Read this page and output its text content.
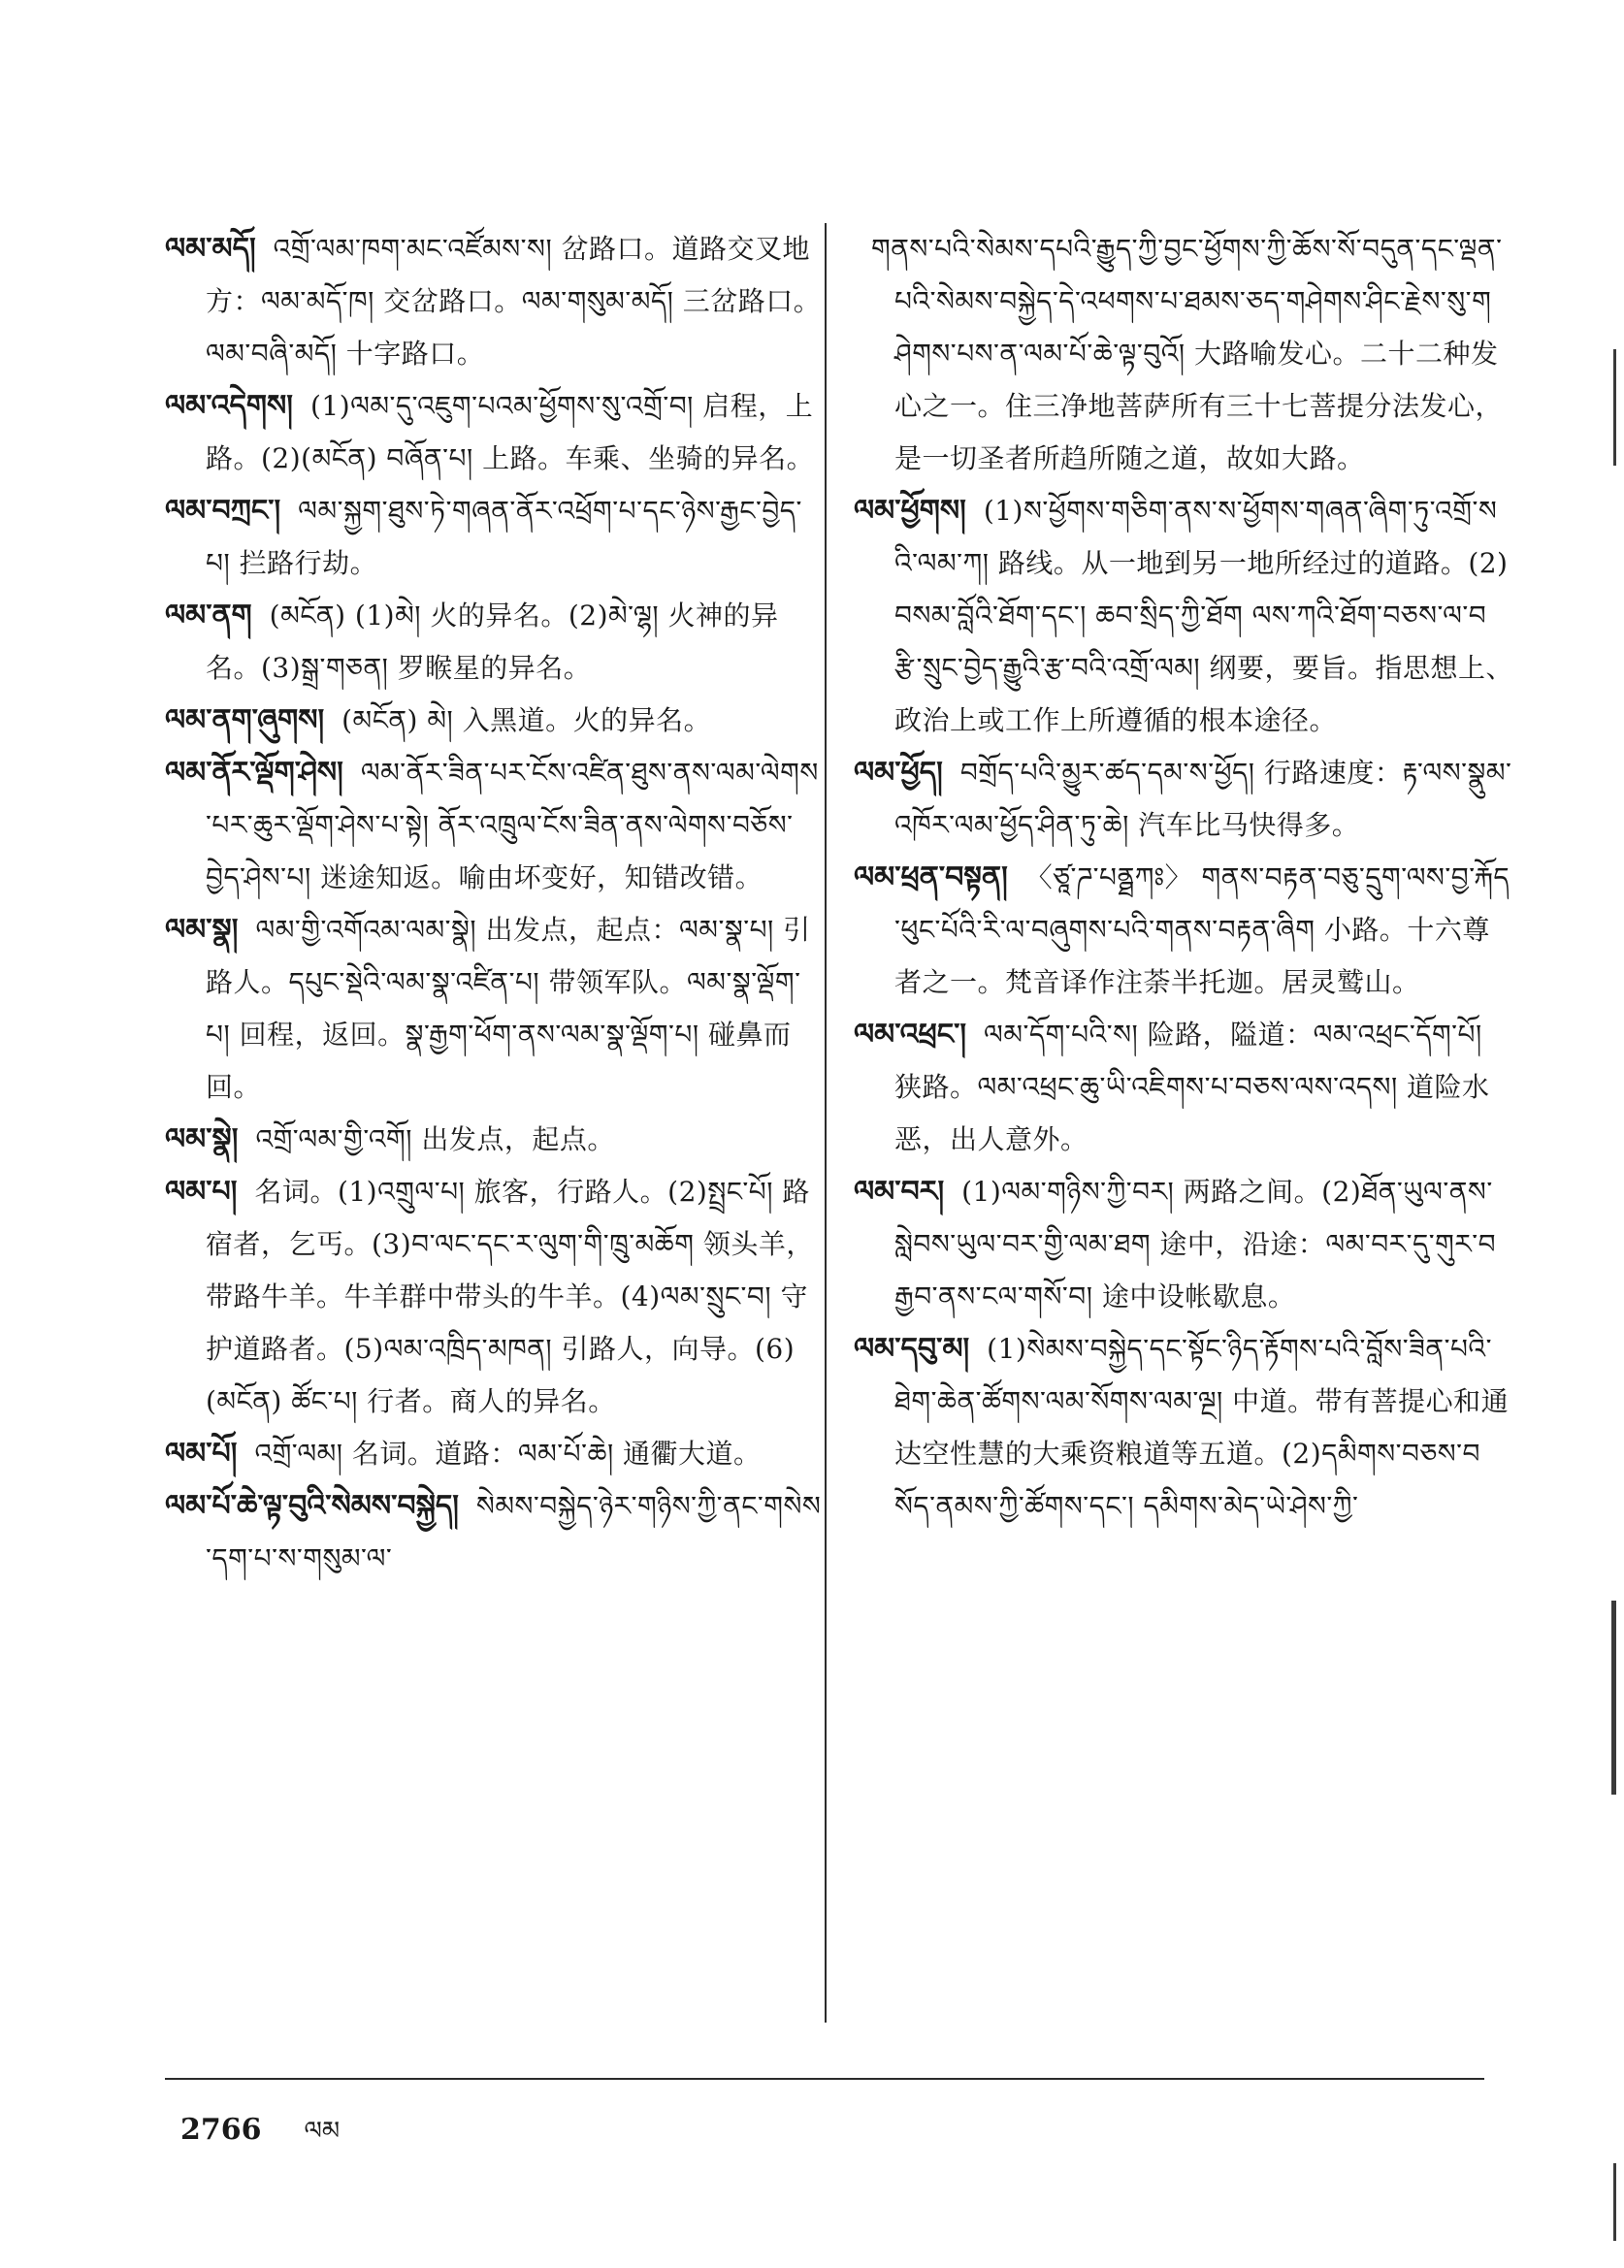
ལམ་མདོ། འགྲོ་ལམ་ཁག་མང་འཛོམས་ས། 岔路口。道路交叉地方：ལམ་མདོ་ཁ། 交岔路口。ལམ་གསུམ་མདོ། 三岔路口。ལམ་བཞི་མདོ། 十字路口。

ལམ་འདེགས། (1)ལམ་དུ་འཇུག་པའམ་ཕྱོགས་སུ་འགྲོ་བ། 启程，上路。(2)(མངོན) བཞོན་པ། 上路。车乘、坐骑的异名。

ལམ་བཀྲང་། ལམ་སྐྱག་ཐུས་ཏེ་གཞན་ནོར་འཕྲོག་པ་དང་ཉེས་རྒྱང་བྱེད་པ། 拦路行劫。

ལམ་ནག (མངོན) (1)མེ། 火的异名。(2)མེ་ལྷ། 火神的异名。(3)སྒྲ་གཅན། 罗睺星的异名。

ལམ་ནག་ཞུགས། (མངོན) མེ། 入黑道。火的异名。

ལམ་ནོར་ལྡོག་ཤེས། ལམ་ནོར་ཟིན་པར་ངོས་འཛིན་ཐུས་ནས་ལམ་ལེགས་པར་ཆུར་ལྡོག་ཤེས་པ་སྟེ། ནོར་འཁྲུལ་ངོས་ཟིན་ནས་ལེགས་བཅོས་བྱེད་ཤེས་པ། 迷途知返。喻由坏变好，知错改错。

ལམ་སྣ། ལམ་གྱི་འགོའམ་ལམ་སྣེ། 出发点，起点：ལམ་སྣ་པ། 引路人。དཔུང་སྡེའི་ལམ་སྣ་འཛིན་པ། 带领军队。ལམ་སྣ་ལྡོག་པ། 回程，返回。སྣ་རྒྱག་ཕོག་ནས་ལམ་སྣ་ལྡོག་པ། 碰鼻而回。

ལམ་སྣེ། འགྲོ་ལམ་གྱི་འགོ། 出发点，起点。

ལམ་པ། 名词。(1)འགྲུལ་པ། 旅客，行路人。(2)སྤྲང་པོ། 路宿者，乞丐。(3)བ་ལང་དང་ར་ལུག་གི་ཁྲུ་མཆོག 领头羊，带路牛羊。牛羊群中带头的牛羊。(4)ལམ་སྲུང་བ། 守护道路者。(5)ལམ་འཁྲིད་མཁན། 引路人，向导。(6)(མངོན) ཚོང་པ། 行者。商人的异名。

ལམ་པོ། འགྲོ་ལམ། 名词。道路：ལམ་པོ་ཆེ། 通衢大道。

ལམ་པོ་ཆེ་ལྟ་བུའི་སེམས་བསྐྱེད། སེམས་བསྐྱེད་ཉེར་གཉིས་ཀྱི་ནང་གསེས་དག་པ་ས་གསུམ་ལ་

གནས་པའི་སེམས་དཔའི་རྒྱུད་ཀྱི་བྱང་ཕྱོགས་ཀྱི་ཆོས་སོ་བདུན་དང་ལྡན་པའི་སེམས་བསྐྱེད་དེ་འཕགས་པ་ཐམས་ཅད་གཤེགས་ཤིང་རྗེས་སུ་གཤེགས་པས་ན་ལམ་པོ་ཆེ་ལྟ་བུའོ། 大路喻发心。二十二种发心之一。住三净地菩萨所有三十七菩提分法发心，是一切圣者所趋所随之道，故如大路。

ལམ་ཕྱོགས། (1)ས་ཕྱོགས་གཅིག་ནས་ས་ཕྱོགས་གཞན་ཞིག་ཏུ་འགྲོ་སའི་ལམ་ཀ། 路线。从一地到另一地所经过的道路。(2)བསམ་བློའི་ཐོག་དང་། ཆབ་སྲིད་ཀྱི་ཐོག ལས་ཀའི་ཐོག་བཅས་ལ་བརྩི་སྲུང་བྱེད་རྒྱུའི་རྩ་བའི་འགྲོ་ལམ། 纲要，要旨。指思想上、政治上或工作上所遵循的根本途径。

ལམ་ཕྱོད། བགྲོད་པའི་མྱུར་ཚད་དམ་ས་ཕྱོད། 行路速度：རྟ་ལས་སྣུམ་འཁོར་ལམ་ཕྱོད་ཤིན་ཏུ་ཆེ། 汽车比马快得多。

ལམ་ཕྲན་བསྟན། 〈ཙཱ་ཌ་པནྠཀཿ〉 གནས་བརྟན་བཅུ་དྲུག་ལས་བྱ་རྐོད་ཕུང་པོའི་རི་ལ་བཞུགས་པའི་གནས་བརྟན་ཞིག 小路。十六尊者之一。梵音译作注荼半托迦。居灵鹫山。

ལམ་འཕྲང་། ལམ་དོག་པའི་ས། 险路，隘道：ལམ་འཕྲང་དོག་པོ། 狭路。ལམ་འཕྲང་ཆུ་ཡི་འཇིགས་པ་བཅས་ལས་འདས། 道险水恶，出人意外。

ལམ་བར། (1)ལམ་གཉིས་ཀྱི་བར། 两路之间。(2)ཐོན་ཡུལ་ནས་སླེབས་ཡུལ་བར་གྱི་ལམ་ཐག 途中，沿途：ལམ་བར་དུ་གུར་བརྒྱབ་ནས་ངལ་གསོ་བ། 途中设帐歇息。

ལམ་དབུ་མ། (1)སེམས་བསྐྱེད་དང་སྟོང་ཉིད་རྟོགས་པའི་བློས་ཟིན་པའི་ཐེག་ཆེན་ཚོགས་ལམ་སོགས་ལམ་ལྔ། 中道。带有菩提心和通达空性慧的大乘资粮道等五道。(2)དམིགས་བཅས་བསོད་ནམས་ཀྱི་ཚོགས་དང་། དམིགས་མེད་ཡེ་ཤེས་ཀྱི་

2766 ལམ
